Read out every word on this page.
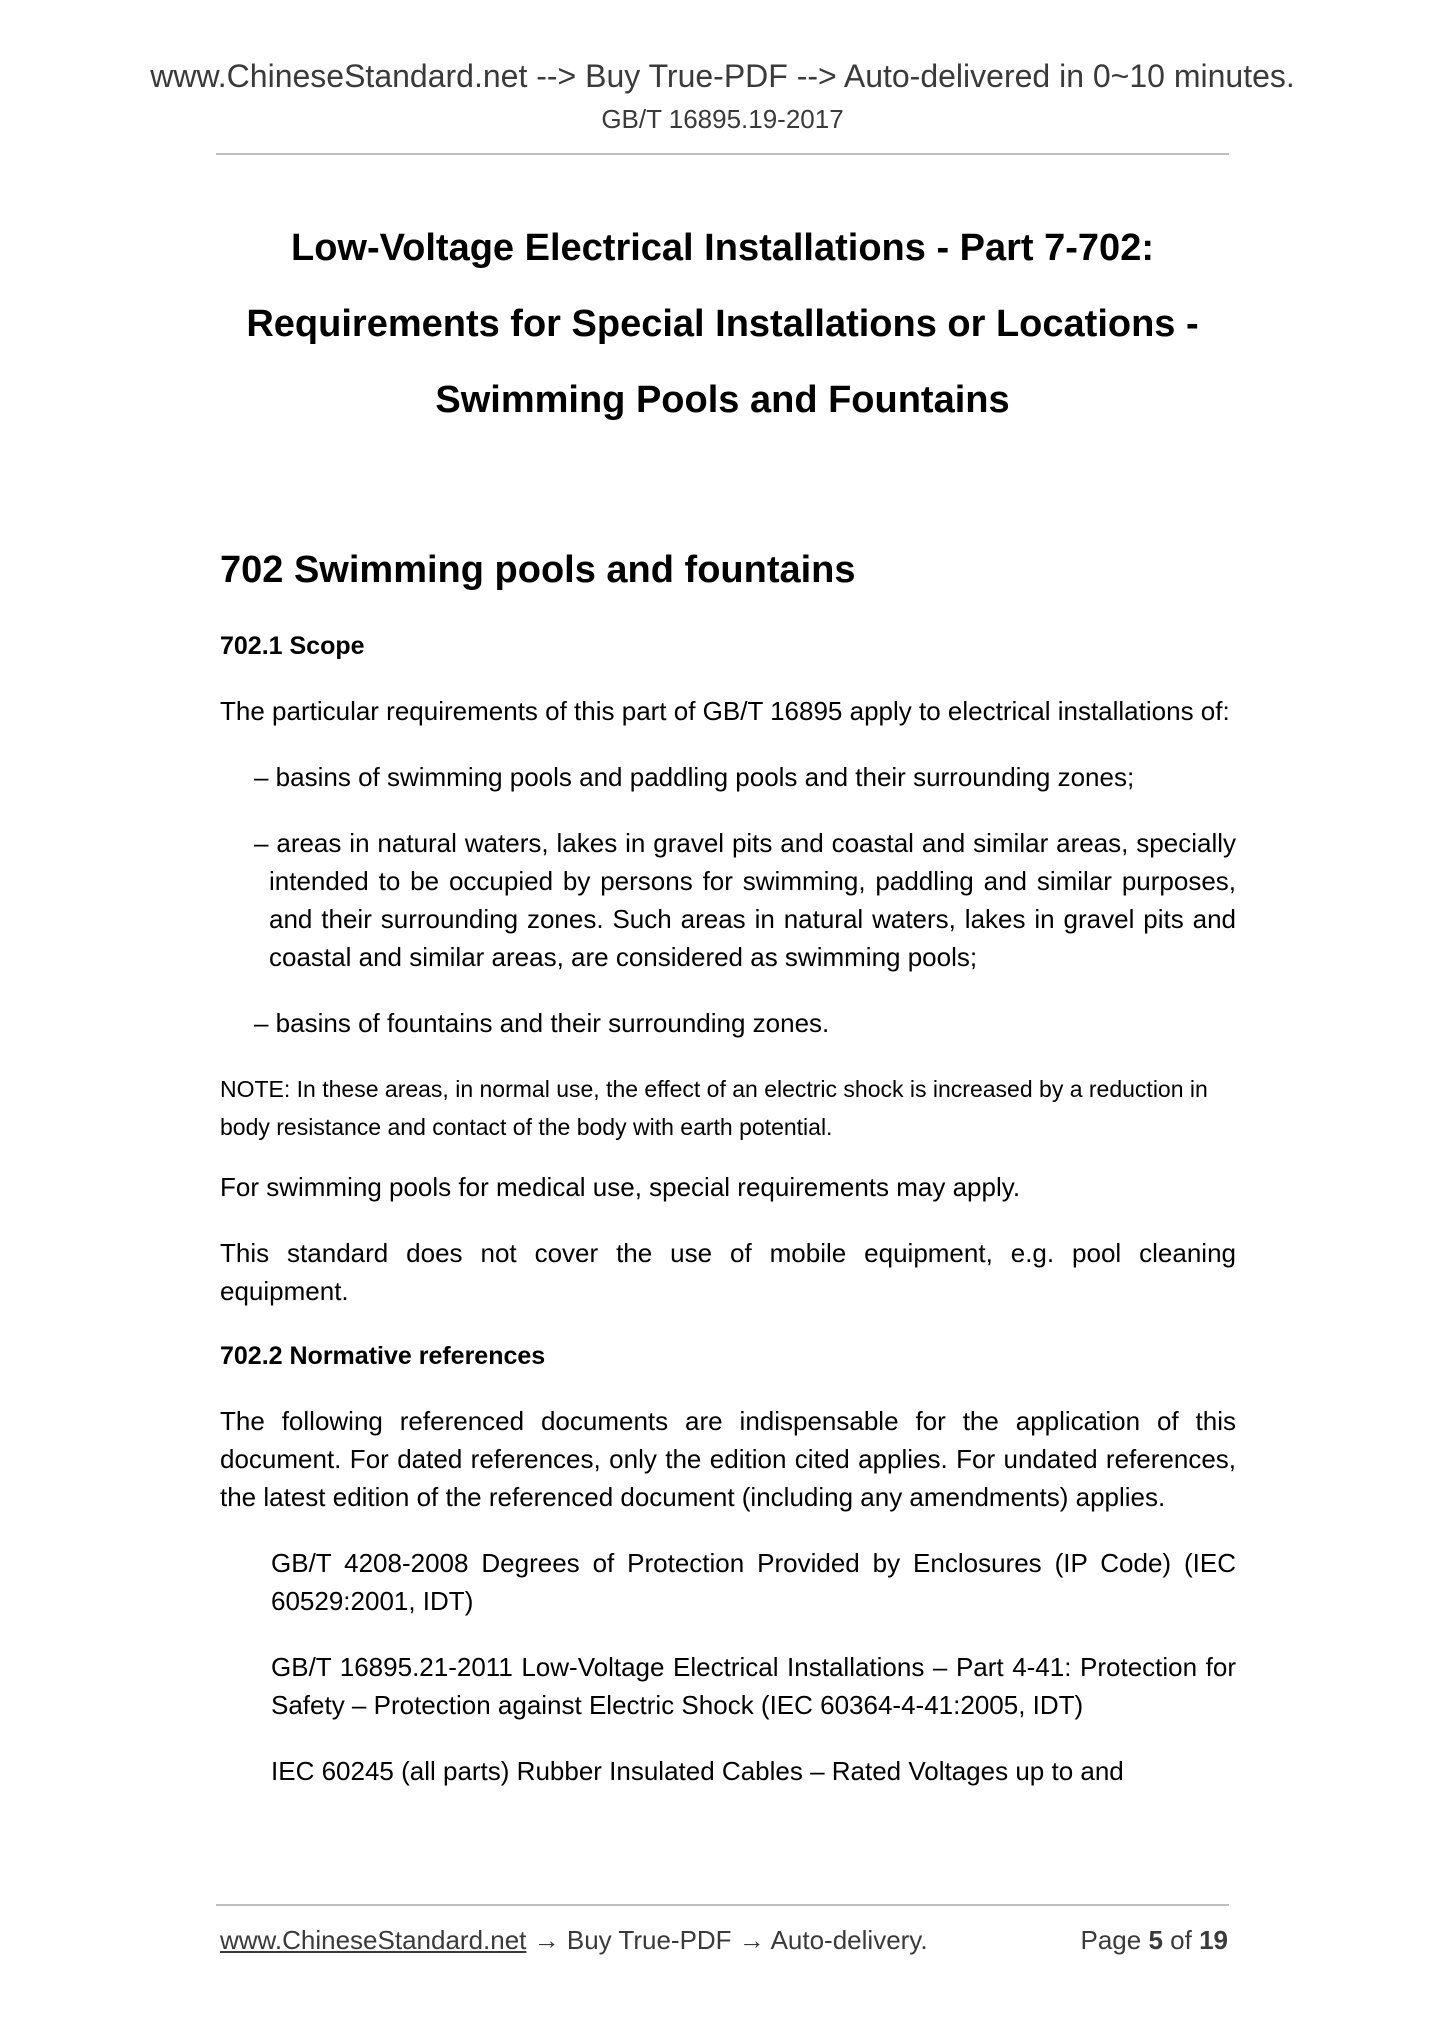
www.ChineseStandard.net --> Buy True-PDF --> Auto-delivered in 0~10 minutes.
GB/T 16895.19-2017
Low-Voltage Electrical Installations - Part 7-702:
Requirements for Special Installations or Locations -
Swimming Pools and Fountains
702 Swimming pools and fountains
702.1 Scope
The particular requirements of this part of GB/T 16895 apply to electrical installations of:
– basins of swimming pools and paddling pools and their surrounding zones;
– areas in natural waters, lakes in gravel pits and coastal and similar areas, specially intended to be occupied by persons for swimming, paddling and similar purposes, and their surrounding zones. Such areas in natural waters, lakes in gravel pits and coastal and similar areas, are considered as swimming pools;
– basins of fountains and their surrounding zones.
NOTE: In these areas, in normal use, the effect of an electric shock is increased by a reduction in body resistance and contact of the body with earth potential.
For swimming pools for medical use, special requirements may apply.
This standard does not cover the use of mobile equipment, e.g. pool cleaning equipment.
702.2 Normative references
The following referenced documents are indispensable for the application of this document. For dated references, only the edition cited applies. For undated references, the latest edition of the referenced document (including any amendments) applies.
GB/T 4208-2008 Degrees of Protection Provided by Enclosures (IP Code) (IEC 60529:2001, IDT)
GB/T 16895.21-2011 Low-Voltage Electrical Installations – Part 4-41: Protection for Safety – Protection against Electric Shock (IEC 60364-4-41:2005, IDT)
IEC 60245 (all parts) Rubber Insulated Cables – Rated Voltages up to and
www.ChineseStandard.net → Buy True-PDF → Auto-delivery.	Page 5 of 19
